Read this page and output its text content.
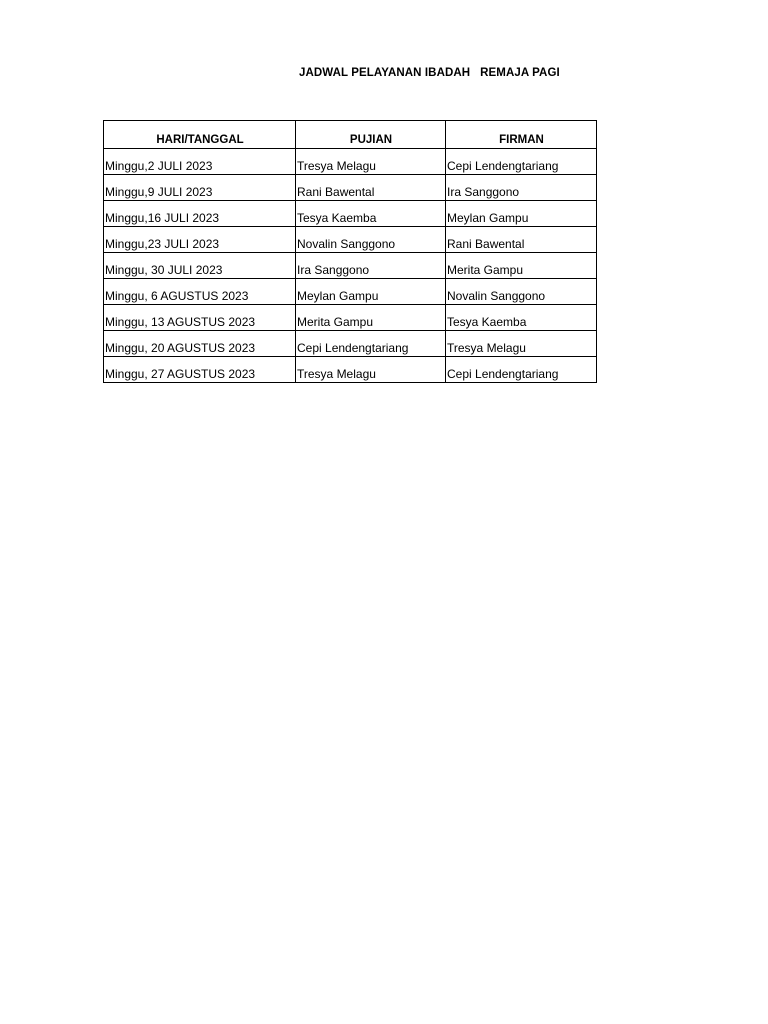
JADWAL PELAYANAN IBADAH   REMAJA PAGI
HARI/TANGGAL	PUJIAN	FIRMAN
Minggu,2 JULI 2023	Tresya Melagu	Cepi Lendengtariang
Minggu,9 JULI 2023	Rani Bawental	Ira Sanggono
Minggu,16 JULI 2023	Tesya Kaemba	Meylan Gampu
Minggu,23 JULI 2023	Novalin Sanggono	Rani Bawental
Minggu, 30 JULI 2023	Ira Sanggono	Merita Gampu
Minggu, 6 AGUSTUS 2023	Meylan Gampu	Novalin Sanggono
Minggu, 13 AGUSTUS 2023	Merita Gampu	Tesya Kaemba
Minggu, 20 AGUSTUS 2023	Cepi Lendengtariang	Tresya Melagu
Minggu, 27 AGUSTUS 2023	Tresya Melagu	Cepi Lendengtariang
